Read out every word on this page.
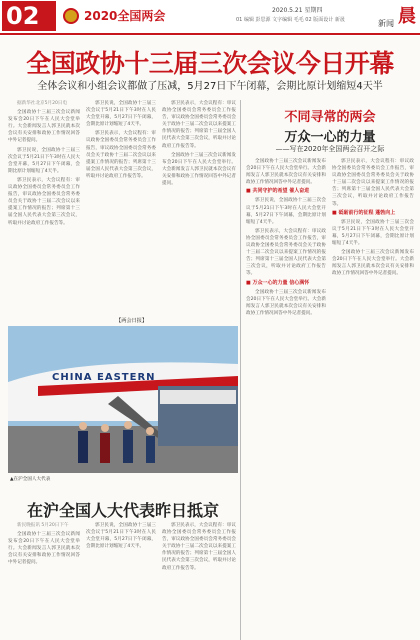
02	2020全国两会	2020.5.21 星期四
01 编辑 彭思源 文字编辑 毛毛 02 版面设计 新晟	新闻 晨
全国政协十三届三次会议今日开幕
全体会议和小组会议都做了压减，5月27日下午闭幕，会期比原计划缩短4天半

据新华社北京5月20日电

全国政协十三届三次会议新闻发布会20日下午在人民大会堂举行。大会新闻发言人郭卫民就本次会议有关安排和政协工作情况回答中外记者提问。

郭卫民说，全国政协十三届三次会议于5月21日下午3时在人民大会堂开幕，5月27日下午闭幕，会期比原计划缩短了4天半。

郭卫民表示，大会议程有：审议政协全国委员会常务委员会工作报告，审议政协全国委员会常务委员会关于政协十三届二次会议以来提案工作情况的报告；列席第十三届全国人民代表大会第三次会议，听取并讨论政府工作报告等。

郭卫民说，全国政协十三届三次会议于5月21日下午3时在人民大会堂开幕，5月27日下午闭幕，会期比原计划缩短了4天半。

郭卫民表示，大会议程有：审议政协全国委员会常务委员会工作报告，审议政协全国委员会常务委员会关于政协十三届二次会议以来提案工作情况的报告；列席第十三届全国人民代表大会第三次会议，听取并讨论政府工作报告等。

郭卫民表示，大会议程有：审议政协全国委员会常务委员会工作报告，审议政协全国委员会常务委员会关于政协十三届二次会议以来提案工作情况的报告；列席第十三届全国人民代表大会第三次会议，听取并讨论政府工作报告等。

全国政协十三届三次会议新闻发布会20日下午在人民大会堂举行。大会新闻发言人郭卫民就本次会议有关安排和政协工作情况回答中外记者提问。

【两会日报】
不同寻常的两会
万众一心的力量
——写在2020年全国两会召开之际

全国政协十三届三次会议新闻发布会20日下午在人民大会堂举行。大会新闻发言人郭卫民就本次会议有关安排和政协工作情况回答中外记者提问。

■ 共同守护的希望 催人奋进

郭卫民说，全国政协十三届三次会议于5月21日下午3时在人民大会堂开幕，5月27日下午闭幕，会期比原计划缩短了4天半。

郭卫民表示，大会议程有：审议政协全国委员会常务委员会工作报告，审议政协全国委员会常务委员会关于政协十三届二次会议以来提案工作情况的报告；列席第十三届全国人民代表大会第三次会议，听取并讨论政府工作报告等。

■ 万众一心的力量 信心满怀

全国政协十三届三次会议新闻发布会20日下午在人民大会堂举行。大会新闻发言人郭卫民就本次会议有关安排和政协工作情况回答中外记者提问。

郭卫民表示，大会议程有：审议政协全国委员会常务委员会工作报告，审议政协全国委员会常务委员会关于政协十三届二次会议以来提案工作情况的报告；列席第十三届全国人民代表大会第三次会议，听取并讨论政府工作报告等。

■ 砥砺前行的征程 蓬勃向上

郭卫民说，全国政协十三届三次会议于5月21日下午3时在人民大会堂开幕，5月27日下午闭幕，会期比原计划缩短了4天半。

全国政协十三届三次会议新闻发布会20日下午在人民大会堂举行。大会新闻发言人郭卫民就本次会议有关安排和政协工作情况回答中外记者提问。

CHINA EASTERN
▲在沪全国人大代表
在沪全国人大代表昨日抵京

新民晚报讯 5月20日下午

全国政协十三届三次会议新闻发布会20日下午在人民大会堂举行。大会新闻发言人郭卫民就本次会议有关安排和政协工作情况回答中外记者提问。

郭卫民说，全国政协十三届三次会议于5月21日下午3时在人民大会堂开幕，5月27日下午闭幕，会期比原计划缩短了4天半。

郭卫民表示，大会议程有：审议政协全国委员会常务委员会工作报告，审议政协全国委员会常务委员会关于政协十三届二次会议以来提案工作情况的报告；列席第十三届全国人民代表大会第三次会议，听取并讨论政府工作报告等。
